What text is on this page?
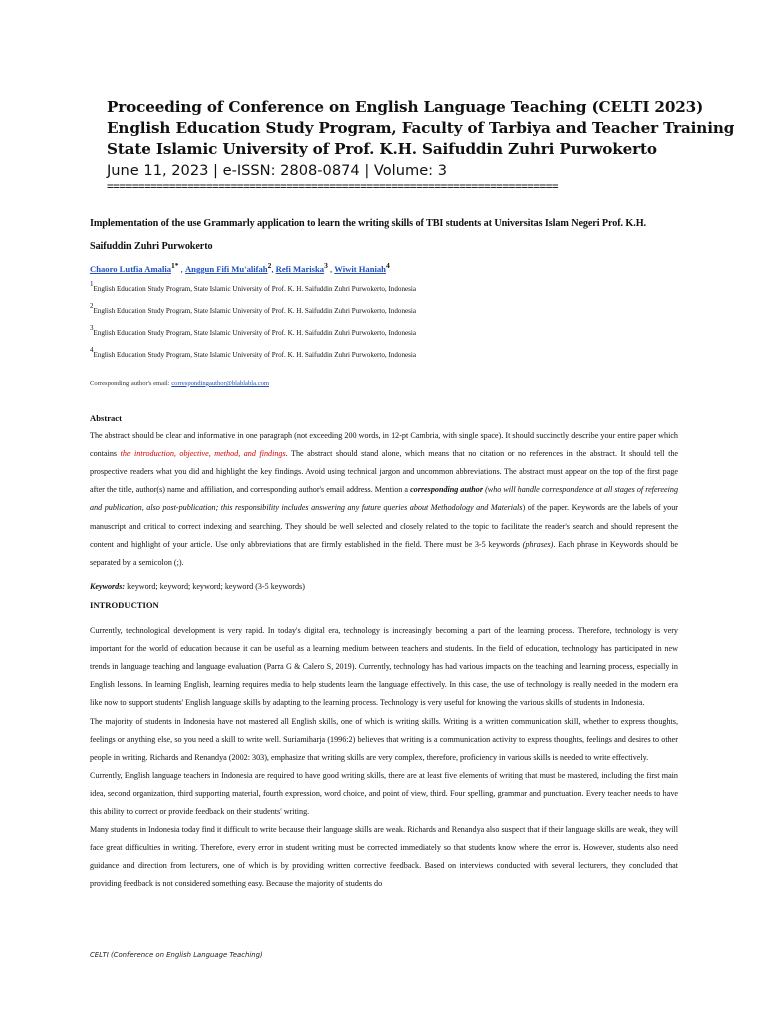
Proceeding of Conference on English Language Teaching (CELTI 2023)
English Education Study Program, Faculty of Tarbiya and Teacher Training
State Islamic University of Prof. K.H. Saifuddin Zuhri Purwokerto
June 11, 2023 | e-ISSN: 2808-0874 | Volume: 3
=========================================================================
Implementation of the use Grammarly application to learn the writing skills of TBI students at Universitas Islam Negeri Prof. K.H. Saifuddin Zuhri Purwokerto
Chaoro Lutfia Amalia$^{1*}$ , Anggun Fifi Mu'alifah$^2$, Refi Mariska$^3$ , Wiwit Haniah$^4$
$^1$English Education Study Program, State Islamic University of Prof. K. H. Saifuddin Zuhri Purwokerto, Indonesia
$^2$English Education Study Program, State Islamic University of Prof. K. H. Saifuddin Zuhri Purwokerto, Indonesia
$^3$English Education Study Program, State Islamic University of Prof. K. H. Saifuddin Zuhri Purwokerto, Indonesia
$^4$English Education Study Program, State Islamic University of Prof. K. H. Saifuddin Zuhri Purwokerto, Indonesia
Corresponding author's email: correspondingauthor@blablabla.com
Abstract

The abstract should be clear and informative in one paragraph (not exceeding 200 words, in 12-pt Cambria, with single space). It should succinctly describe your entire paper which contains the introduction, objective, method, and findings. The abstract should stand alone, which means that no citation or no references in the abstract. It should tell the prospective readers what you did and highlight the key findings. Avoid using technical jargon and uncommon abbreviations. The abstract must appear on the top of the first page after the title, author(s) name and affiliation, and corresponding author's email address. Mention a corresponding author (who will handle correspondence at all stages of refereeing and publication, also post-publication; this responsibility includes answering any future queries about Methodology and Materials) of the paper. Keywords are the labels of your manuscript and critical to correct indexing and searching. They should be well selected and closely related to the topic to facilitate the reader's search and should represent the content and highlight of your article. Use only abbreviations that are firmly established in the field. There must be 3-5 keywords (phrases). Each phrase in Keywords should be separated by a semicolon (;).

Keywords: keyword; keyword; keyword; keyword (3-5 keywords)
INTRODUCTION

Currently, technological development is very rapid. In today's digital era, technology is increasingly becoming a part of the learning process. Therefore, technology is very important for the world of education because it can be useful as a learning medium between teachers and students. In the field of education, technology has participated in new trends in language teaching and language evaluation (Parra G & Calero S, 2019). Currently, technology has had various impacts on the teaching and learning process, especially in English lessons. In learning English, learning requires media to help students learn the language effectively. In this case, the use of technology is really needed in the modern era like now to support students' English language skills by adapting to the learning process. Technology is very useful for knowing the various skills of students in Indonesia.

The majority of students in Indonesia have not mastered all English skills, one of which is writing skills. Writing is a written communication skill, whether to express thoughts, feelings or anything else, so you need a skill to write well. Suriamiharja (1996:2) believes that writing is a communication activity to express thoughts, feelings and desires to other people in writing. Richards and Renandya (2002: 303), emphasize that writing skills are very complex, therefore, proficiency in various skills is needed to write effectively.

Currently, English language teachers in Indonesia are required to have good writing skills, there are at least five elements of writing that must be mastered, including the first main idea, second organization, third supporting material, fourth expression, word choice, and point of view, third. Four spelling, grammar and punctuation. Every teacher needs to have this ability to correct or provide feedback on their students' writing.

Many students in Indonesia today find it difficult to write because their language skills are weak. Richards and Renandya also suspect that if their language skills are weak, they will face great difficulties in writing. Therefore, every error in student writing must be corrected immediately so that students know where the error is. However, students also need guidance and direction from lecturers, one of which is by providing written corrective feedback. Based on interviews conducted with several lecturers, they concluded that providing feedback is not considered something easy. Because the majority of students do

CELTI (Conference on English Language Teaching)
